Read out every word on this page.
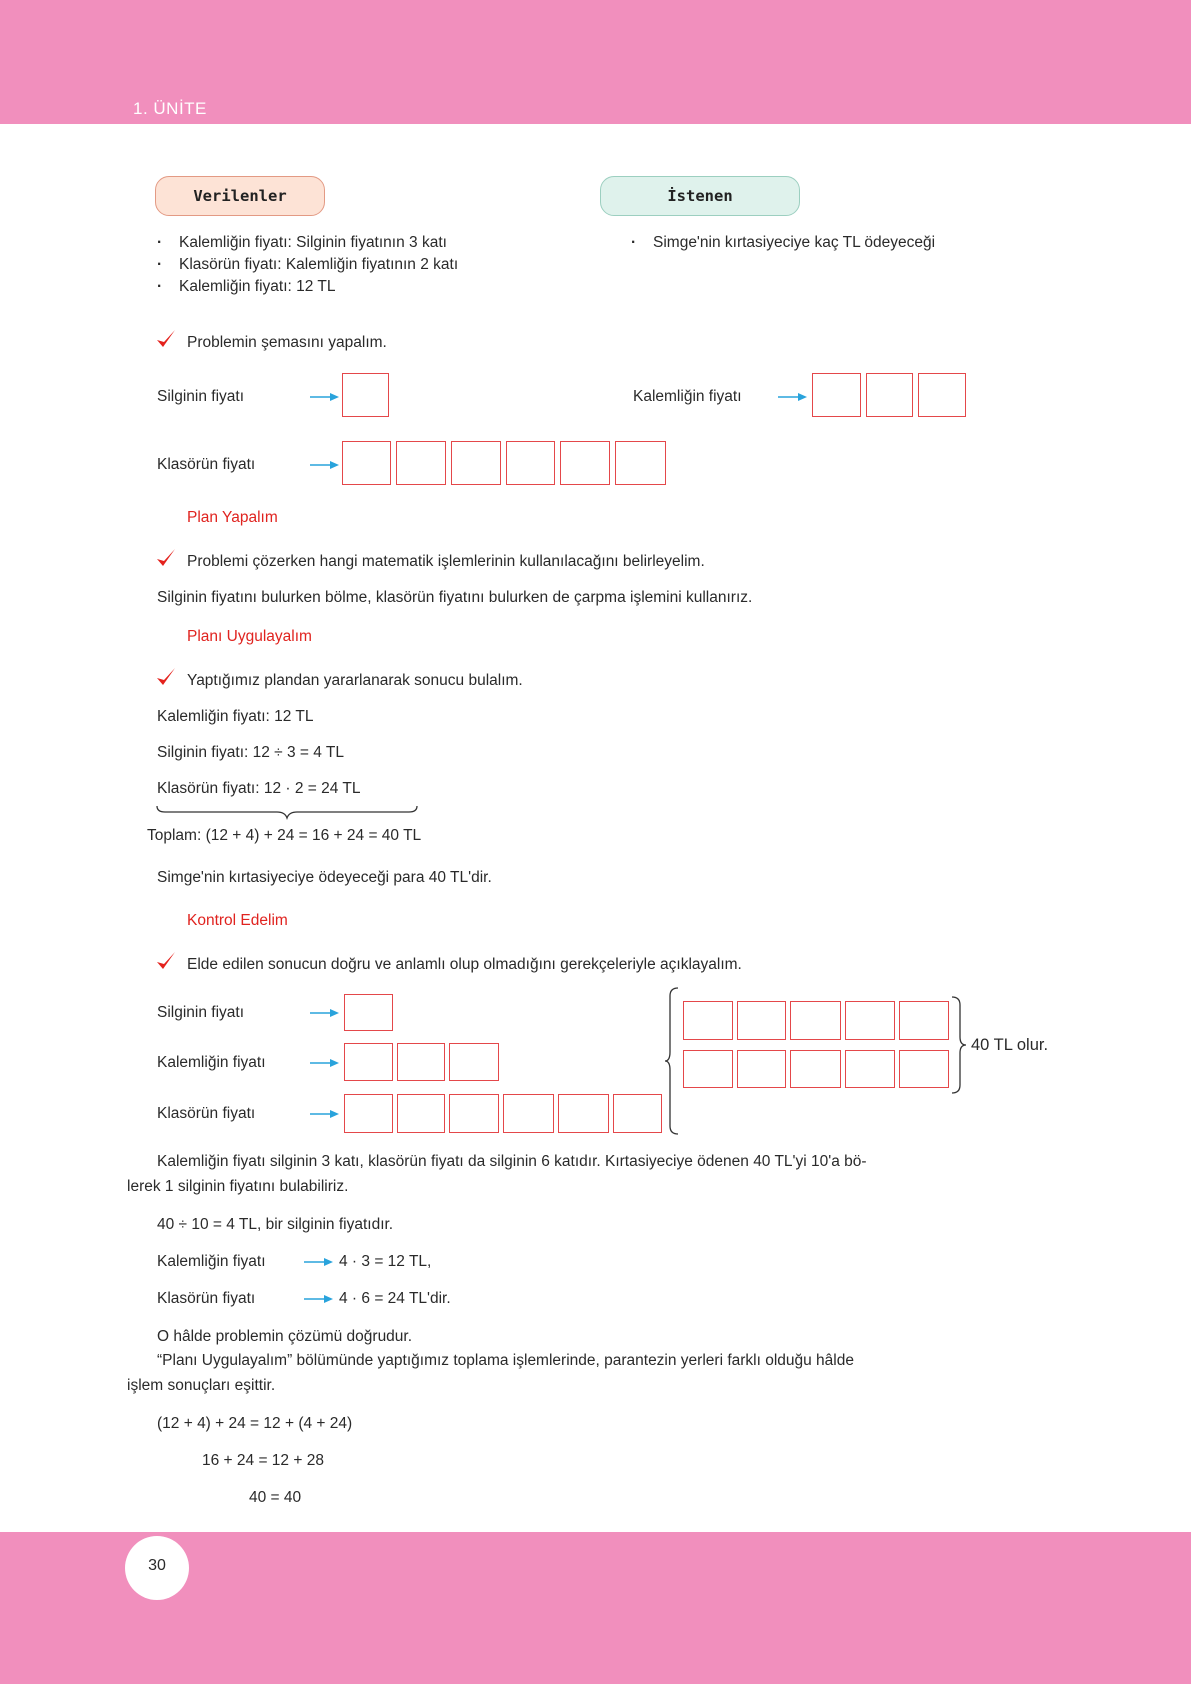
1. ÜNİTE
30
Verilenler	İstenen
· Kalemliğin fiyatı: Silginin fiyatının 3 katı
· Klasörün fiyatı: Kalemliğin fiyatının 2 katı
· Kalemliğin fiyatı: 12 TL
· Simge'nin kırtasiyeciye kaç TL ödeyeceği
Problemin şemasını yapalım.
Silginin fiyatı	Kalemliğin fiyatı
Klasörün fiyatı
Plan Yapalım
Problemi çözerken hangi matematik işlemlerinin kullanılacağını belirleyelim.
Silginin fiyatını bulurken bölme, klasörün fiyatını bulurken de çarpma işlemini kullanırız.
Planı Uygulayalım
Yaptığımız plandan yararlanarak sonucu bulalım.
Kalemliğin fiyatı: 12 TL
Silginin fiyatı: 12 ÷ 3 = 4 TL
Klasörün fiyatı: 12 · 2 = 24 TL
Toplam: (12 + 4) + 24 = 16 + 24 = 40 TL
Simge'nin kırtasiyeciye ödeyeceği para 40 TL'dir.
Kontrol Edelim
Elde edilen sonucun doğru ve anlamlı olup olmadığını gerekçeleriyle açıklayalım.
Silginin fiyatı
Kalemliğin fiyatı
Klasörün fiyatı
40 TL olur.
Kalemliğin fiyatı silginin 3 katı, klasörün fiyatı da silginin 6 katıdır. Kırtasiyeciye ödenen 40 TL'yi 10'a bö-
lerek 1 silginin fiyatını bulabiliriz.
40 ÷ 10 = 4 TL, bir silginin fiyatıdır.
Kalemliğin fiyatı	4 · 3 = 12 TL,
Klasörün fiyatı	4 · 6 = 24 TL'dir.
O hâlde problemin çözümü doğrudur.
“Planı Uygulayalım” bölümünde yaptığımız toplama işlemlerinde, parantezin yerleri farklı olduğu hâlde
işlem sonuçları eşittir.
(12 + 4) + 24 = 12 + (4 + 24)
16 + 24 = 12 + 28
40 = 40
